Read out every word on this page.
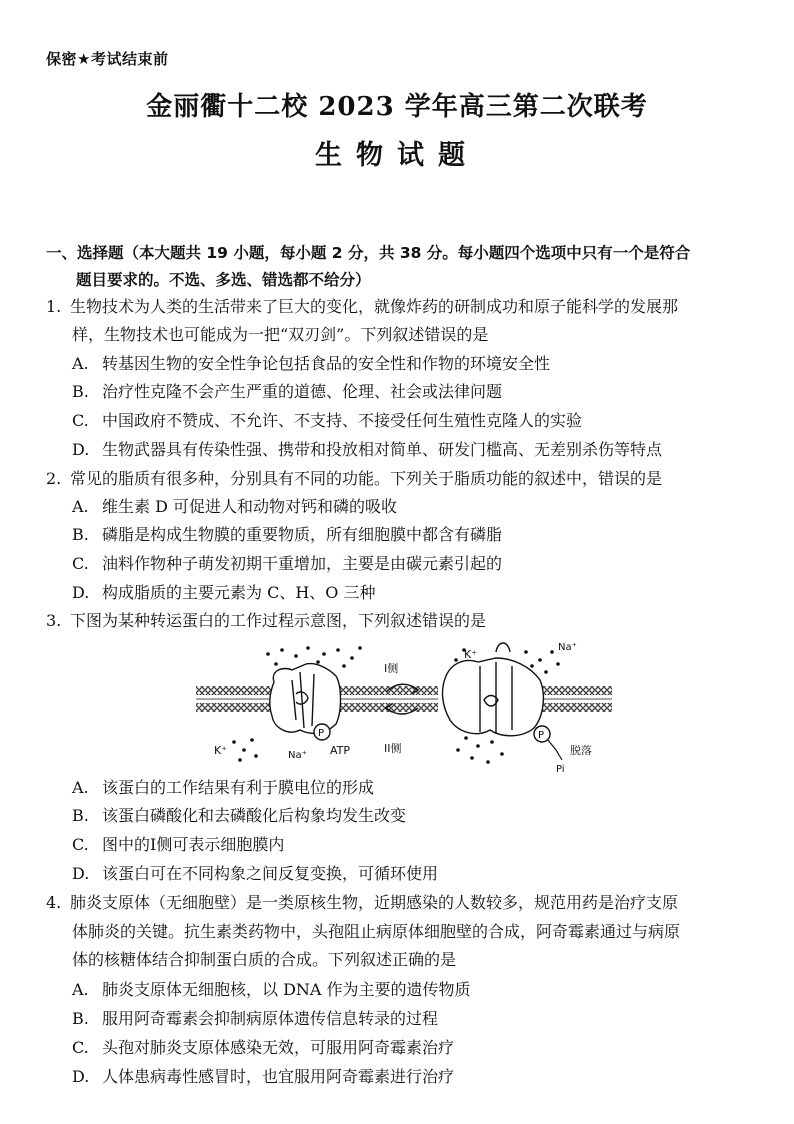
保密★考试结束前
金丽衢十二校 2023 学年高三第二次联考
生物试题
一、选择题（本大题共 19 小题，每小题 2 分，共 38 分。每小题四个选项中只有一个是符合
题目要求的。不选、多选、错选都不给分）
1. 生物技术为人类的生活带来了巨大的变化，就像炸药的研制成功和原子能科学的发展那
样，生物技术也可能成为一把“双刃剑”。下列叙述错误的是
A. 转基因生物的安全性争论包括食品的安全性和作物的环境安全性
B. 治疗性克隆不会产生严重的道德、伦理、社会或法律问题
C. 中国政府不赞成、不允许、不支持、不接受任何生殖性克隆人的实验
D. 生物武器具有传染性强、携带和投放相对简单、研发门槛高、无差别杀伤等特点
2. 常见的脂质有很多种，分别具有不同的功能。下列关于脂质功能的叙述中，错误的是
A. 维生素 D 可促进人和动物对钙和磷的吸收
B. 磷脂是构成生物膜的重要物质，所有细胞膜中都含有磷脂
C. 油料作物种子萌发初期干重增加，主要是由碳元素引起的
D. 构成脂质的主要元素为 C、H、O 三种
3. 下图为某种转运蛋白的工作过程示意图，下列叙述错误的是
P	P
I侧
II侧
K⁺	Na⁺ ATP
K⁺
Na⁺
脱落
Pi
A. 该蛋白的工作结果有利于膜电位的形成
B. 该蛋白磷酸化和去磷酸化后构象均发生改变
C. 图中的Ⅰ侧可表示细胞膜内
D. 该蛋白可在不同构象之间反复变换，可循环使用
4. 肺炎支原体（无细胞壁）是一类原核生物，近期感染的人数较多，规范用药是治疗支原
体肺炎的关键。抗生素类药物中，头孢阻止病原体细胞壁的合成，阿奇霉素通过与病原
体的核糖体结合抑制蛋白质的合成。下列叙述正确的是
A. 肺炎支原体无细胞核，以 DNA 作为主要的遗传物质
B. 服用阿奇霉素会抑制病原体遗传信息转录的过程
C. 头孢对肺炎支原体感染无效，可服用阿奇霉素治疗
D. 人体患病毒性感冒时，也宜服用阿奇霉素进行治疗
